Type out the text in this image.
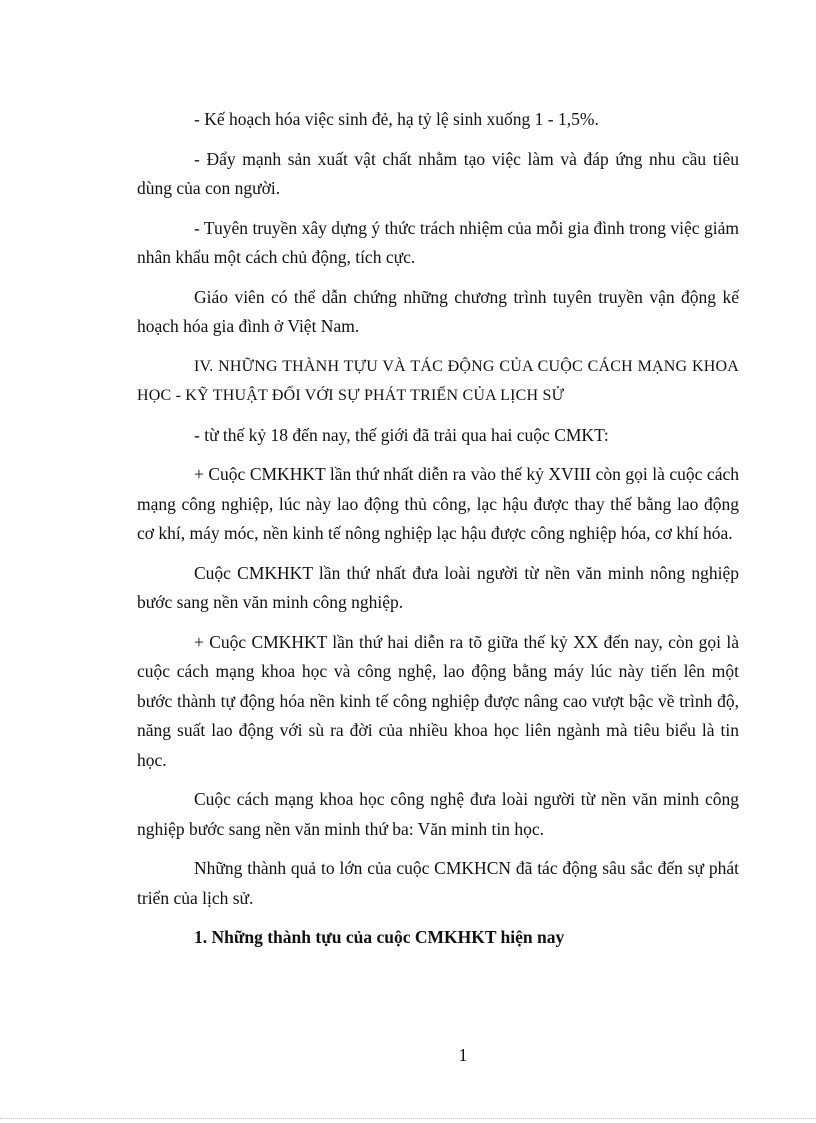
- Kế hoạch hóa việc sinh đẻ, hạ tỷ lệ sinh xuống 1 - 1,5%.

- Đẩy mạnh sản xuất vật chất nhằm tạo việc làm và đáp ứng nhu cầu tiêu dùng của con người.

- Tuyên truyền xây dựng ý thức trách nhiệm của mỗi gia đình trong việc giảm nhân khẩu một cách chủ động, tích cực.

Giáo viên có thể dẫn chứng những chương trình tuyên truyền vận động kế hoạch hóa gia đình ở Việt Nam.

IV. NHỮNG THÀNH TỰU VÀ TÁC ĐỘNG CỦA CUỘC CÁCH MẠNG KHOA HỌC - KỸ THUẬT ĐỐI VỚI SỰ PHÁT TRIỂN CỦA LỊCH SỬ

- từ thế kỷ 18 đến nay, thế giới đã trải qua hai cuộc CMKT:

+ Cuộc CMKHKT lần thứ nhất diễn ra vào thế kỷ XVIII còn gọi là cuộc cách mạng công nghiệp, lúc này lao động thủ công, lạc hậu được thay thế bằng lao động cơ khí, máy móc, nền kinh tế nông nghiệp lạc hậu được công nghiệp hóa, cơ khí hóa.

Cuộc CMKHKT lần thứ nhất đưa loài người từ nền văn minh nông nghiệp bước sang nền văn minh công nghiệp.

+ Cuộc CMKHKT lần thứ hai diễn ra tõ giữa thế kỷ XX đến nay, còn gọi là cuộc cách mạng khoa học và công nghệ, lao động bằng máy lúc này tiến lên một bước thành tự động hóa nền kinh tế công nghiệp được nâng cao vượt bậc về trình độ, năng suất lao động với sù ra đời của nhiều khoa học liên ngành mà tiêu biểu là tin học.

Cuộc cách mạng khoa học công nghệ đưa loài người từ nền văn minh công nghiệp bước sang nền văn minh thứ ba: Văn minh tin học.

Những thành quả to lớn của cuộc CMKHCN đã tác động sâu sắc đến sự phát triển của lịch sử.

1. Những thành tựu của cuộc CMKHKT hiện nay

1
